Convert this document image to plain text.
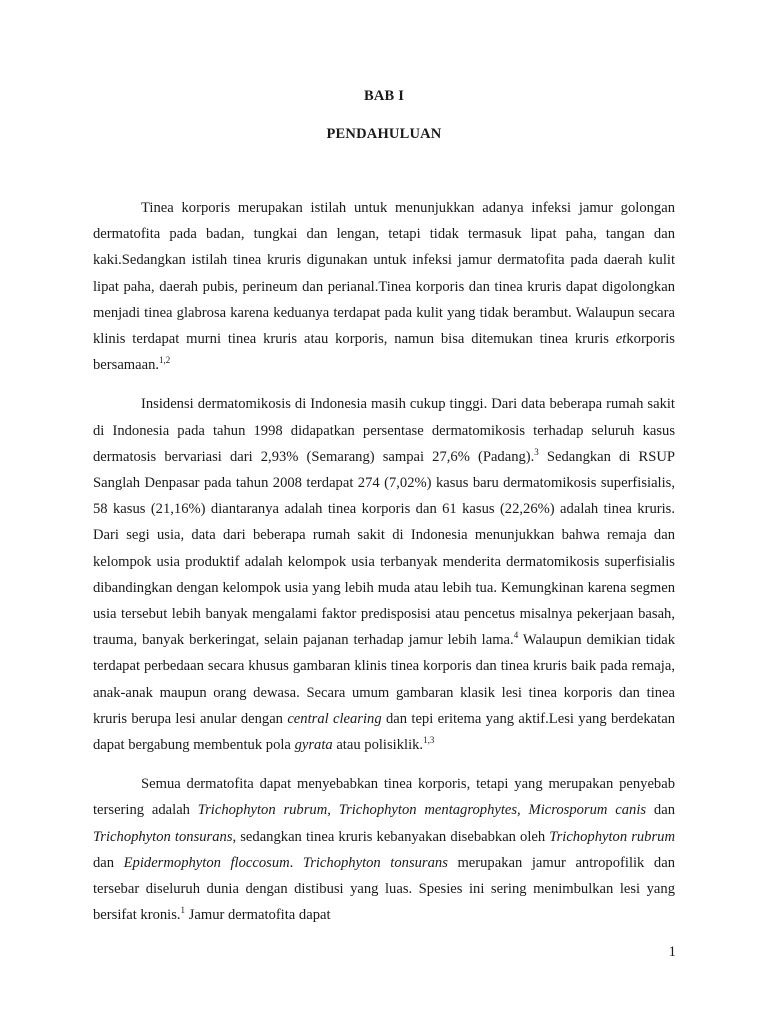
BAB I
PENDAHULUAN

Tinea korporis merupakan istilah untuk menunjukkan adanya infeksi jamur golongan dermatofita pada badan, tungkai dan lengan, tetapi tidak termasuk lipat paha, tangan dan kaki.Sedangkan istilah tinea kruris digunakan untuk infeksi jamur dermatofita pada daerah kulit lipat paha, daerah pubis, perineum dan perianal.Tinea korporis dan tinea kruris dapat digolongkan menjadi tinea glabrosa karena keduanya terdapat pada kulit yang tidak berambut. Walaupun secara klinis terdapat murni tinea kruris atau korporis, namun bisa ditemukan tinea kruris etkorporis bersamaan.$^{1,2}$

Insidensi dermatomikosis di Indonesia masih cukup tinggi. Dari data beberapa rumah sakit di Indonesia pada tahun 1998 didapatkan persentase dermatomikosis terhadap seluruh kasus dermatosis bervariasi dari 2,93% (Semarang) sampai 27,6% (Padang).$^3$ Sedangkan di RSUP Sanglah Denpasar pada tahun 2008 terdapat 274 (7,02%) kasus baru dermatomikosis superfisialis, 58 kasus (21,16%) diantaranya adalah tinea korporis dan 61 kasus (22,26%) adalah tinea kruris. Dari segi usia, data dari beberapa rumah sakit di Indonesia menunjukkan bahwa remaja dan kelompok usia produktif adalah kelompok usia terbanyak menderita dermatomikosis superfisialis dibandingkan dengan kelompok usia yang lebih muda atau lebih tua. Kemungkinan karena segmen usia tersebut lebih banyak mengalami faktor predisposisi atau pencetus misalnya pekerjaan basah, trauma, banyak berkeringat, selain pajanan terhadap jamur lebih lama.$^4$ Walaupun demikian tidak terdapat perbedaan secara khusus gambaran klinis tinea korporis dan tinea kruris baik pada remaja, anak-anak maupun orang dewasa. Secara umum gambaran klasik lesi tinea korporis dan tinea kruris berupa lesi anular dengan central clearing dan tepi eritema yang aktif.Lesi yang berdekatan dapat bergabung membentuk pola gyrata atau polisiklik.$^{1,3}$

Semua dermatofita dapat menyebabkan tinea korporis, tetapi yang merupakan penyebab tersering adalah Trichophyton rubrum, Trichophyton mentagrophytes, Microsporum canis dan Trichophyton tonsurans, sedangkan tinea kruris kebanyakan disebabkan oleh Trichophyton rubrum dan Epidermophyton floccosum. Trichophyton tonsurans merupakan jamur antropofilik dan tersebar diseluruh dunia dengan distibusi yang luas. Spesies ini sering menimbulkan lesi yang bersifat kronis.$^1$ Jamur dermatofita dapat

1
